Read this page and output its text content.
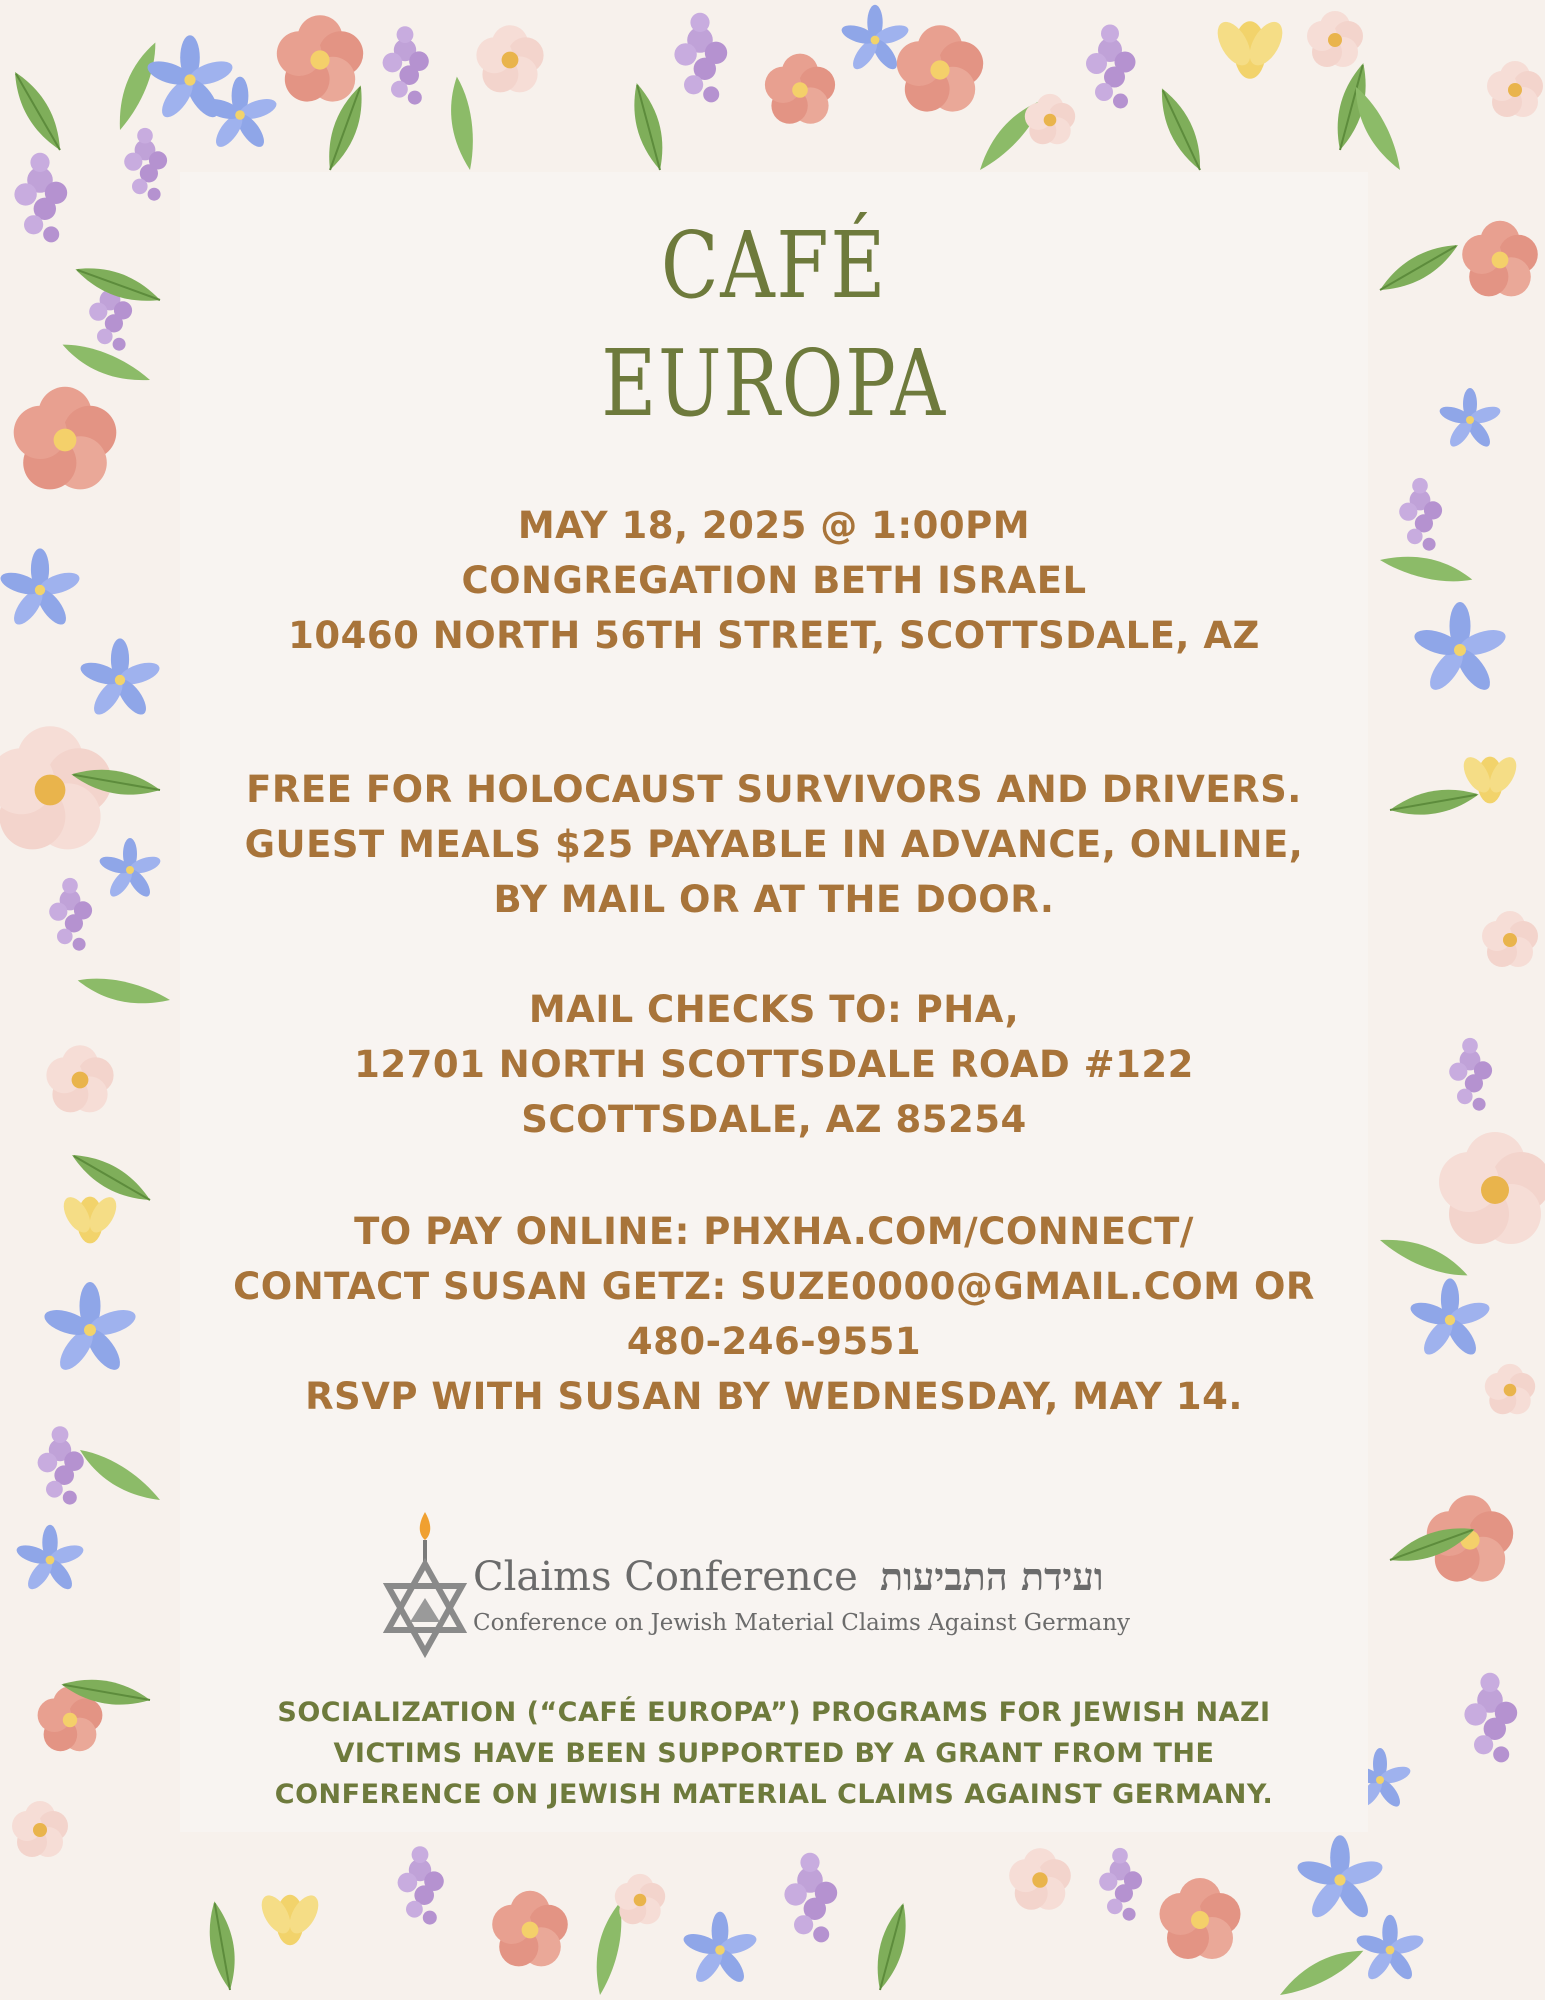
CAFÉ
EUROPA
MAY 18, 2025 @ 1:00PM
CONGREGATION BETH ISRAEL
10460 NORTH 56TH STREET, SCOTTSDALE, AZ
FREE FOR HOLOCAUST SURVIVORS AND DRIVERS.
GUEST MEALS $25 PAYABLE IN ADVANCE, ONLINE,
BY MAIL OR AT THE DOOR.
MAIL CHECKS TO: PHA,
12701 NORTH SCOTTSDALE ROAD #122
SCOTTSDALE, AZ 85254
TO PAY ONLINE: PHXHA.COM/CONNECT/
CONTACT SUSAN GETZ: SUZE0000@GMAIL.COM OR
480-246-9551
RSVP WITH SUSAN BY WEDNESDAY, MAY 14.
Claims Conference ועידת התביעות
Conference on Jewish Material Claims Against Germany
SOCIALIZATION (“CAFÉ EUROPA”) PROGRAMS FOR JEWISH NAZI
VICTIMS HAVE BEEN SUPPORTED BY A GRANT FROM THE
CONFERENCE ON JEWISH MATERIAL CLAIMS AGAINST GERMANY.
